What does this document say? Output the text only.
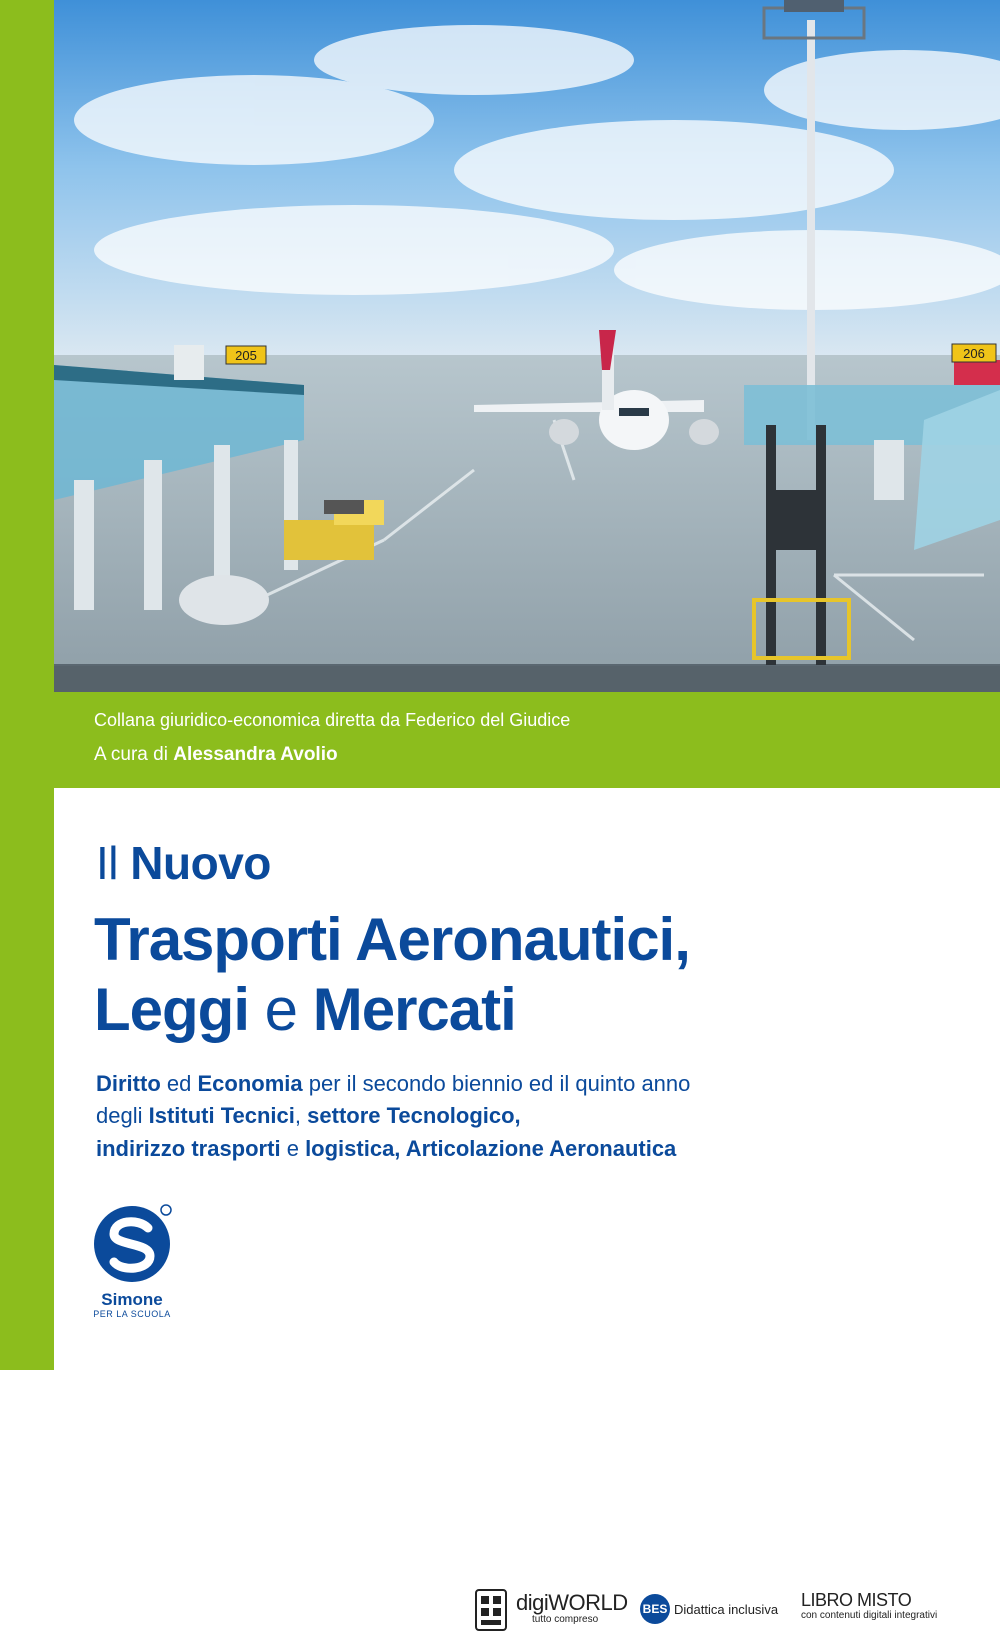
205	206
Collana giuridico-economica diretta da Federico del Giudice
A cura di Alessandra Avolio
Il Nuovo
Trasporti Aeronautici,
Leggi e Mercati
Diritto ed Economia per il secondo biennio ed il quinto anno
degli Istituti Tecnici, settore Tecnologico,
indirizzo trasporti e logistica, Articolazione Aeronautica
Simone
PER LA SCUOLA
digiWORLD
tutto compreso
BES Didattica inclusiva LIBRO MISTO
con contenuti digitali integrativi
